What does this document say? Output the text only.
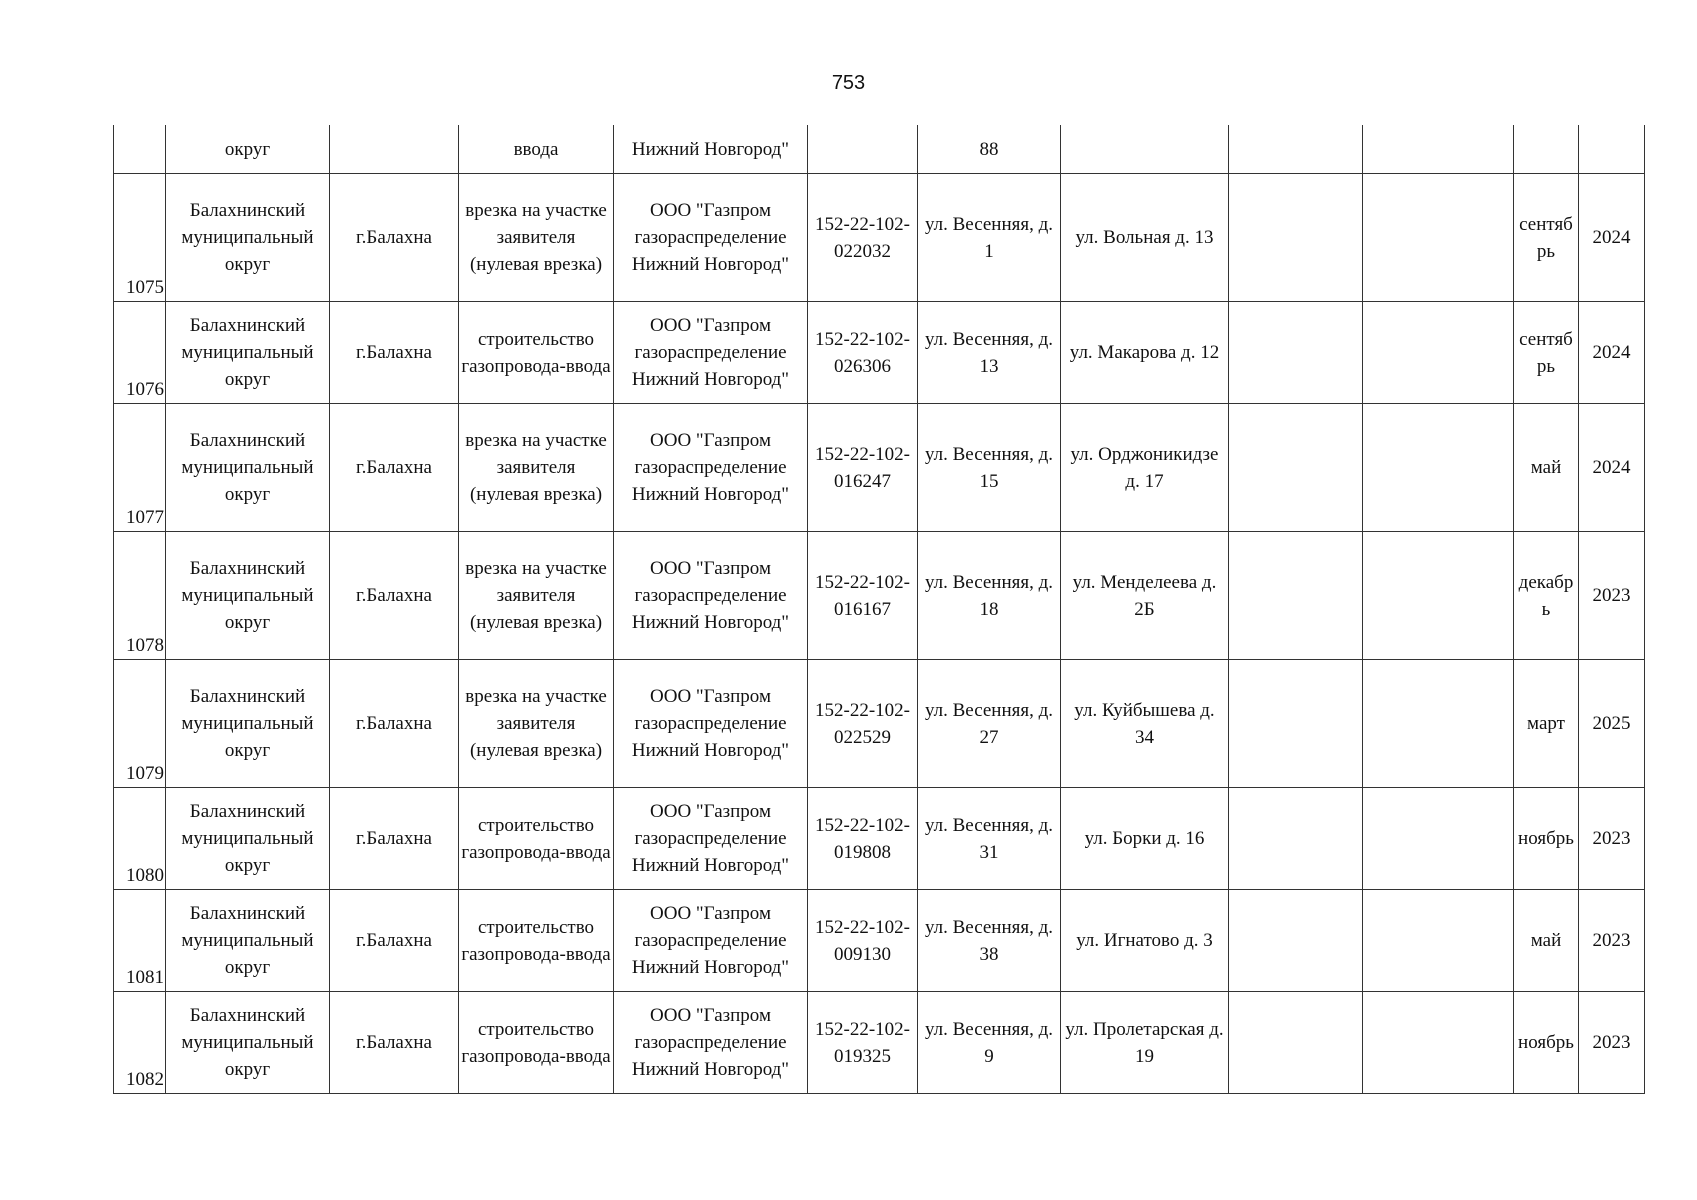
753
	округ		ввода	Нижний Новгород"		88					
1075	Балахнинский муниципальный округ	г.Балахна	врезка на участке заявителя (нулевая врезка)	ООО "Газпром газораспределение Нижний Новгород"	152-22-102-022032	ул. Весенняя, д. 1	ул. Вольная д. 13			сентябрь	2024
1076	Балахнинский муниципальный округ	г.Балахна	строительство газопровода-ввода	ООО "Газпром газораспределение Нижний Новгород"	152-22-102-026306	ул. Весенняя, д. 13	ул. Макарова д. 12			сентябрь	2024
1077	Балахнинский муниципальный округ	г.Балахна	врезка на участке заявителя (нулевая врезка)	ООО "Газпром газораспределение Нижний Новгород"	152-22-102-016247	ул. Весенняя, д. 15	ул. Орджоникидзе д. 17			май	2024
1078	Балахнинский муниципальный округ	г.Балахна	врезка на участке заявителя (нулевая врезка)	ООО "Газпром газораспределение Нижний Новгород"	152-22-102-016167	ул. Весенняя, д. 18	ул. Менделеева д. 2Б			декабрь	2023
1079	Балахнинский муниципальный округ	г.Балахна	врезка на участке заявителя (нулевая врезка)	ООО "Газпром газораспределение Нижний Новгород"	152-22-102-022529	ул. Весенняя, д. 27	ул. Куйбышева д. 34			март	2025
1080	Балахнинский муниципальный округ	г.Балахна	строительство газопровода-ввода	ООО "Газпром газораспределение Нижний Новгород"	152-22-102-019808	ул. Весенняя, д. 31	ул. Борки д. 16			ноябрь	2023
1081	Балахнинский муниципальный округ	г.Балахна	строительство газопровода-ввода	ООО "Газпром газораспределение Нижний Новгород"	152-22-102-009130	ул. Весенняя, д. 38	ул. Игнатово д. 3			май	2023
1082	Балахнинский муниципальный округ	г.Балахна	строительство газопровода-ввода	ООО "Газпром газораспределение Нижний Новгород"	152-22-102-019325	ул. Весенняя, д. 9	ул. Пролетарская д. 19			ноябрь	2023
